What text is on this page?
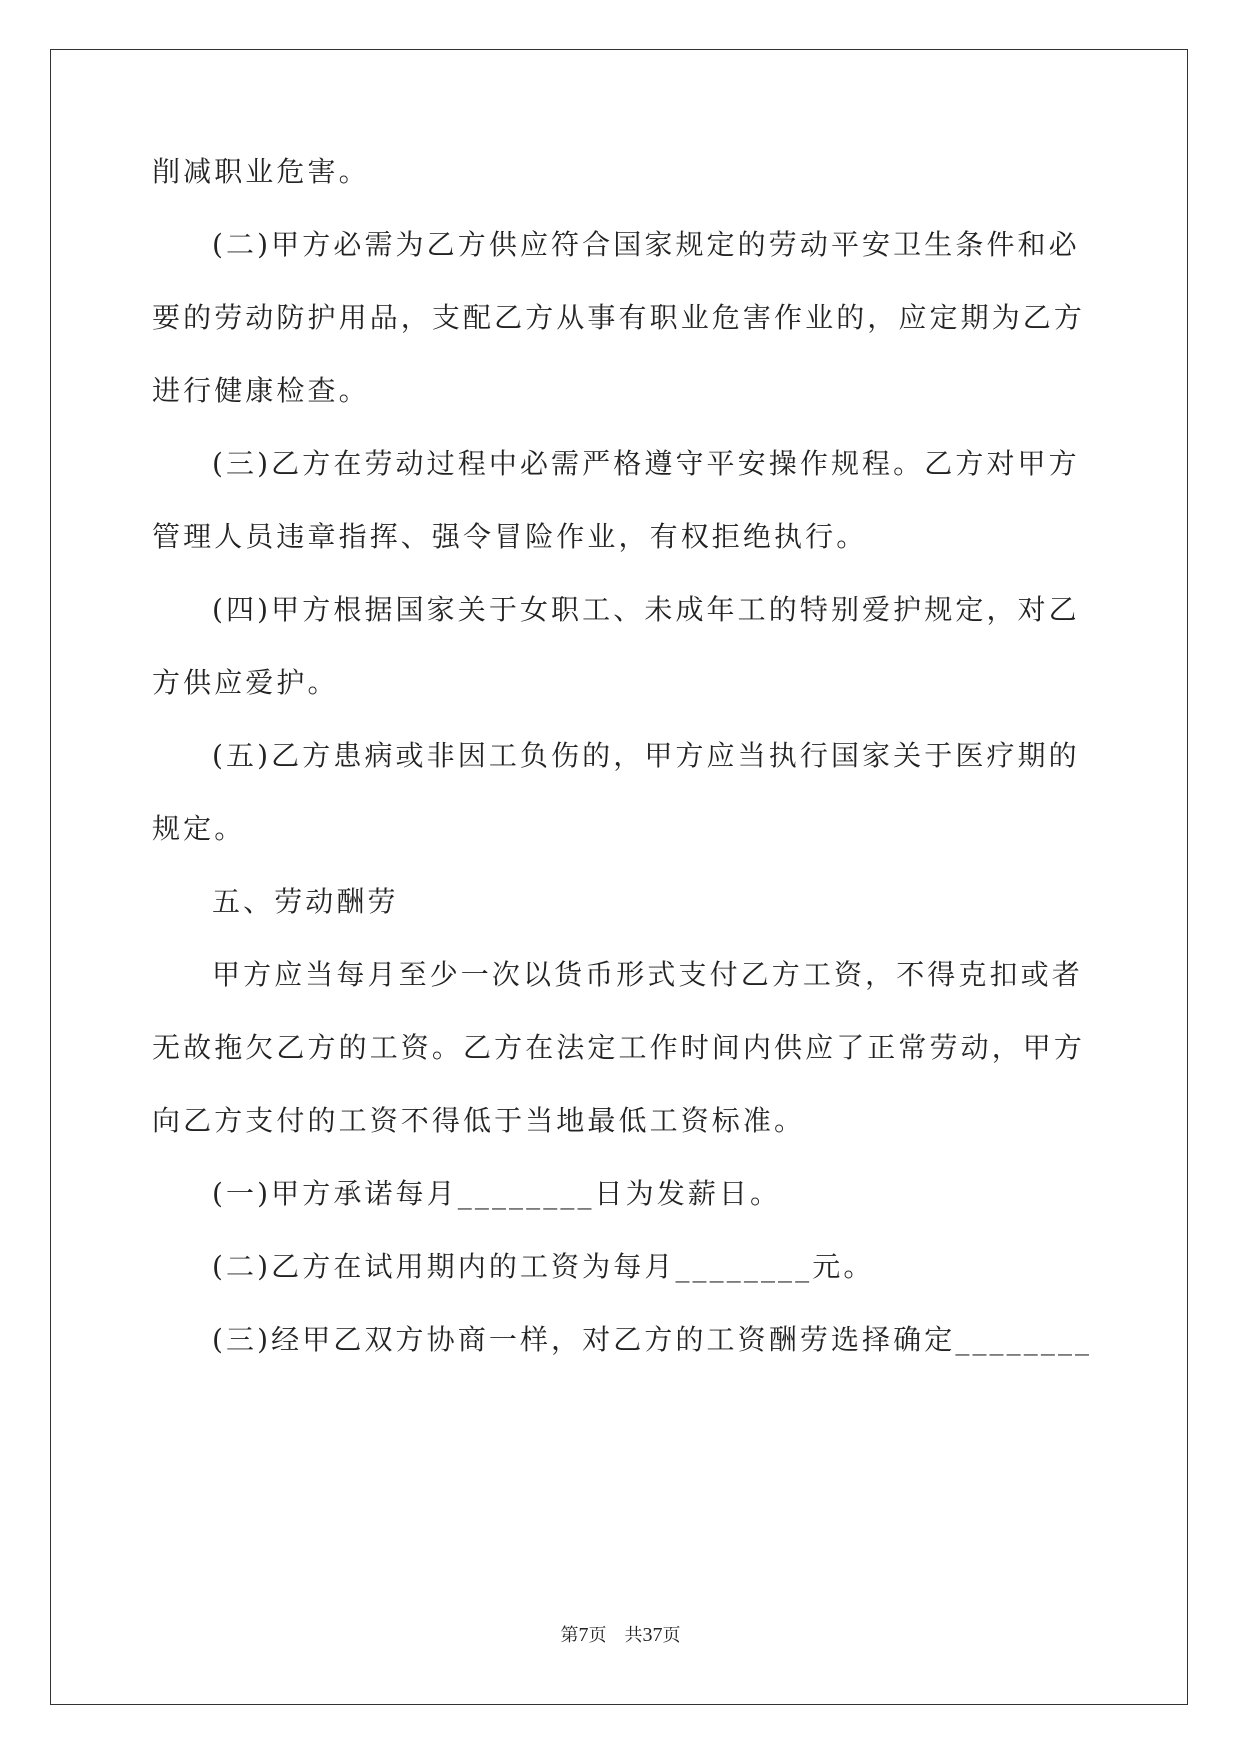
削减职业危害。
(二)甲方必需为乙方供应符合国家规定的劳动平安卫生条件和必
要的劳动防护用品，支配乙方从事有职业危害作业的，应定期为乙方
进行健康检查。
(三)乙方在劳动过程中必需严格遵守平安操作规程。乙方对甲方
管理人员违章指挥、强令冒险作业，有权拒绝执行。
(四)甲方根据国家关于女职工、未成年工的特别爱护规定，对乙
方供应爱护。
(五)乙方患病或非因工负伤的，甲方应当执行国家关于医疗期的
规定。
五、劳动酬劳
甲方应当每月至少一次以货币形式支付乙方工资，不得克扣或者
无故拖欠乙方的工资。乙方在法定工作时间内供应了正常劳动，甲方
向乙方支付的工资不得低于当地最低工资标准。
(一)甲方承诺每月________日为发薪日。
(二)乙方在试用期内的工资为每月________元。
(三)经甲乙双方协商一样，对乙方的工资酬劳选择确定________
第7页　共37页
